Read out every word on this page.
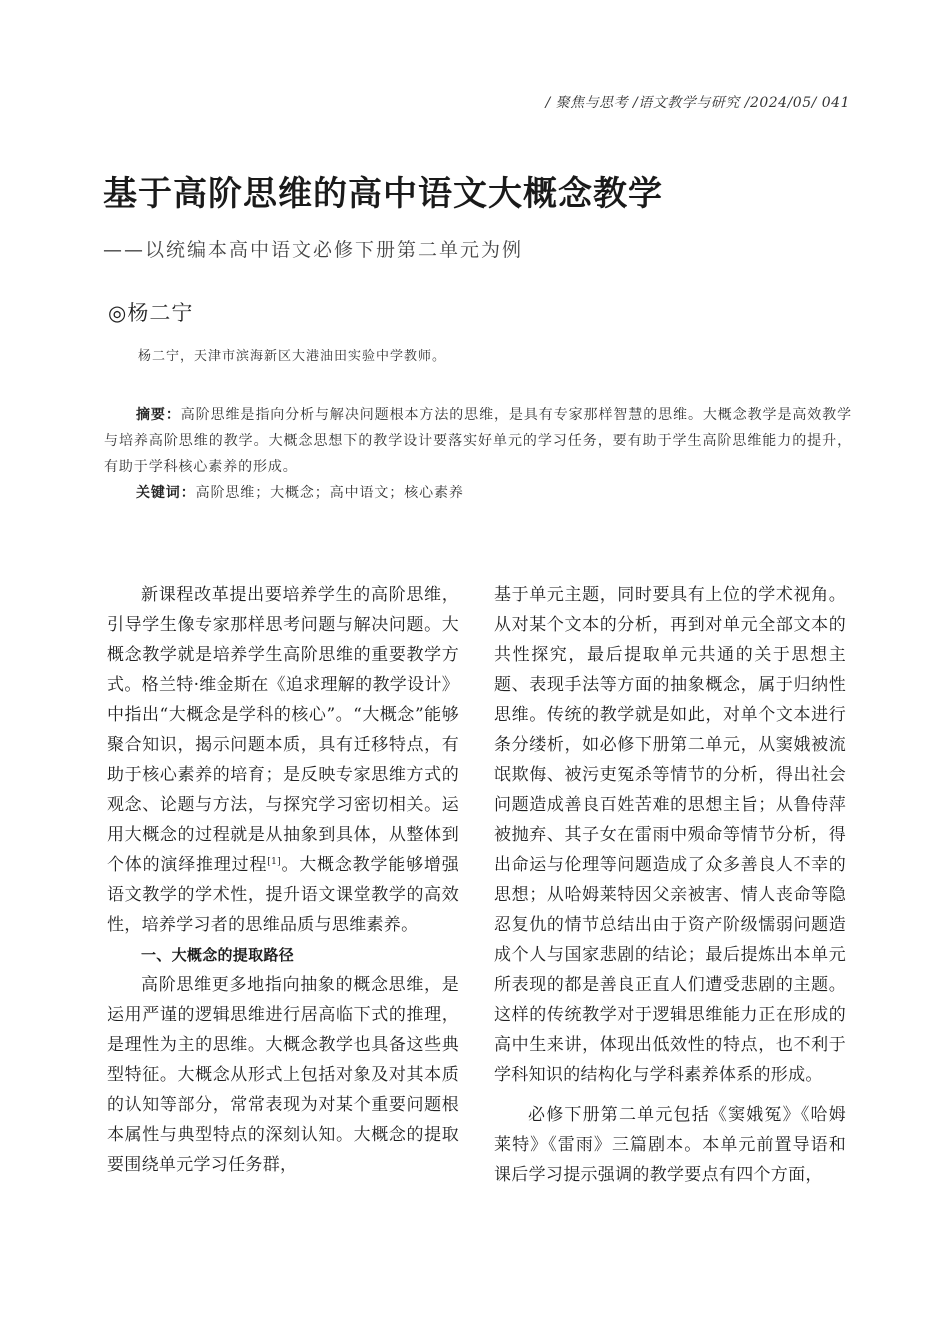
/ 聚焦与思考 /语文教学与研究 /2024/05/ 041
基于高阶思维的高中语文大概念教学
——以统编本高中语文必修下册第二单元为例
◎杨二宁
杨二宁，天津市滨海新区大港油田实验中学教师。

摘要：高阶思维是指向分析与解决问题根本方法的思维，是具有专家那样智慧的思维。大概念教学是高效教学与培养高阶思维的教学。大概念思想下的教学设计要落实好单元的学习任务，要有助于学生高阶思维能力的提升，有助于学科核心素养的形成。

关键词：高阶思维；大概念；高中语文；核心素养

新课程改革提出要培养学生的高阶思维，引导学生像专家那样思考问题与解决问题。大概念教学就是培养学生高阶思维的重要教学方式。格兰特·维金斯在《追求理解的教学设计》中指出“大概念是学科的核心”。“大概念”能够聚合知识，揭示问题本质，具有迁移特点，有助于核心素养的培育；是反映专家思维方式的观念、论题与方法，与探究学习密切相关。运用大概念的过程就是从抽象到具体，从整体到个体的演绎推理过程[1]。大概念教学能够增强语文教学的学术性，提升语文课堂教学的高效性，培养学习者的思维品质与思维素养。

一、大概念的提取路径

高阶思维更多地指向抽象的概念思维，是运用严谨的逻辑思维进行居高临下式的推理，是理性为主的思维。大概念教学也具备这些典型特征。大概念从形式上包括对象及对其本质的认知等部分，常常表现为对某个重要问题根本属性与典型特点的深刻认知。大概念的提取要围绕单元学习任务群，

基于单元主题，同时要具有上位的学术视角。从对某个文本的分析，再到对单元全部文本的共性探究，最后提取单元共通的关于思想主题、表现手法等方面的抽象概念，属于归纳性思维。传统的教学就是如此，对单个文本进行条分缕析，如必修下册第二单元，从窦娥被流氓欺侮、被污吏冤杀等情节的分析，得出社会问题造成善良百姓苦难的思想主旨；从鲁侍萍被抛弃、其子女在雷雨中殒命等情节分析，得出命运与伦理等问题造成了众多善良人不幸的思想；从哈姆莱特因父亲被害、情人丧命等隐忍复仇的情节总结出由于资产阶级懦弱问题造成个人与国家悲剧的结论；最后提炼出本单元所表现的都是善良正直人们遭受悲剧的主题。这样的传统教学对于逻辑思维能力正在形成的高中生来讲，体现出低效性的特点，也不利于学科知识的结构化与学科素养体系的形成。

必修下册第二单元包括《窦娥冤》《哈姆莱特》《雷雨》三篇剧本。本单元前置导语和课后学习提示强调的教学要点有四个方面，
